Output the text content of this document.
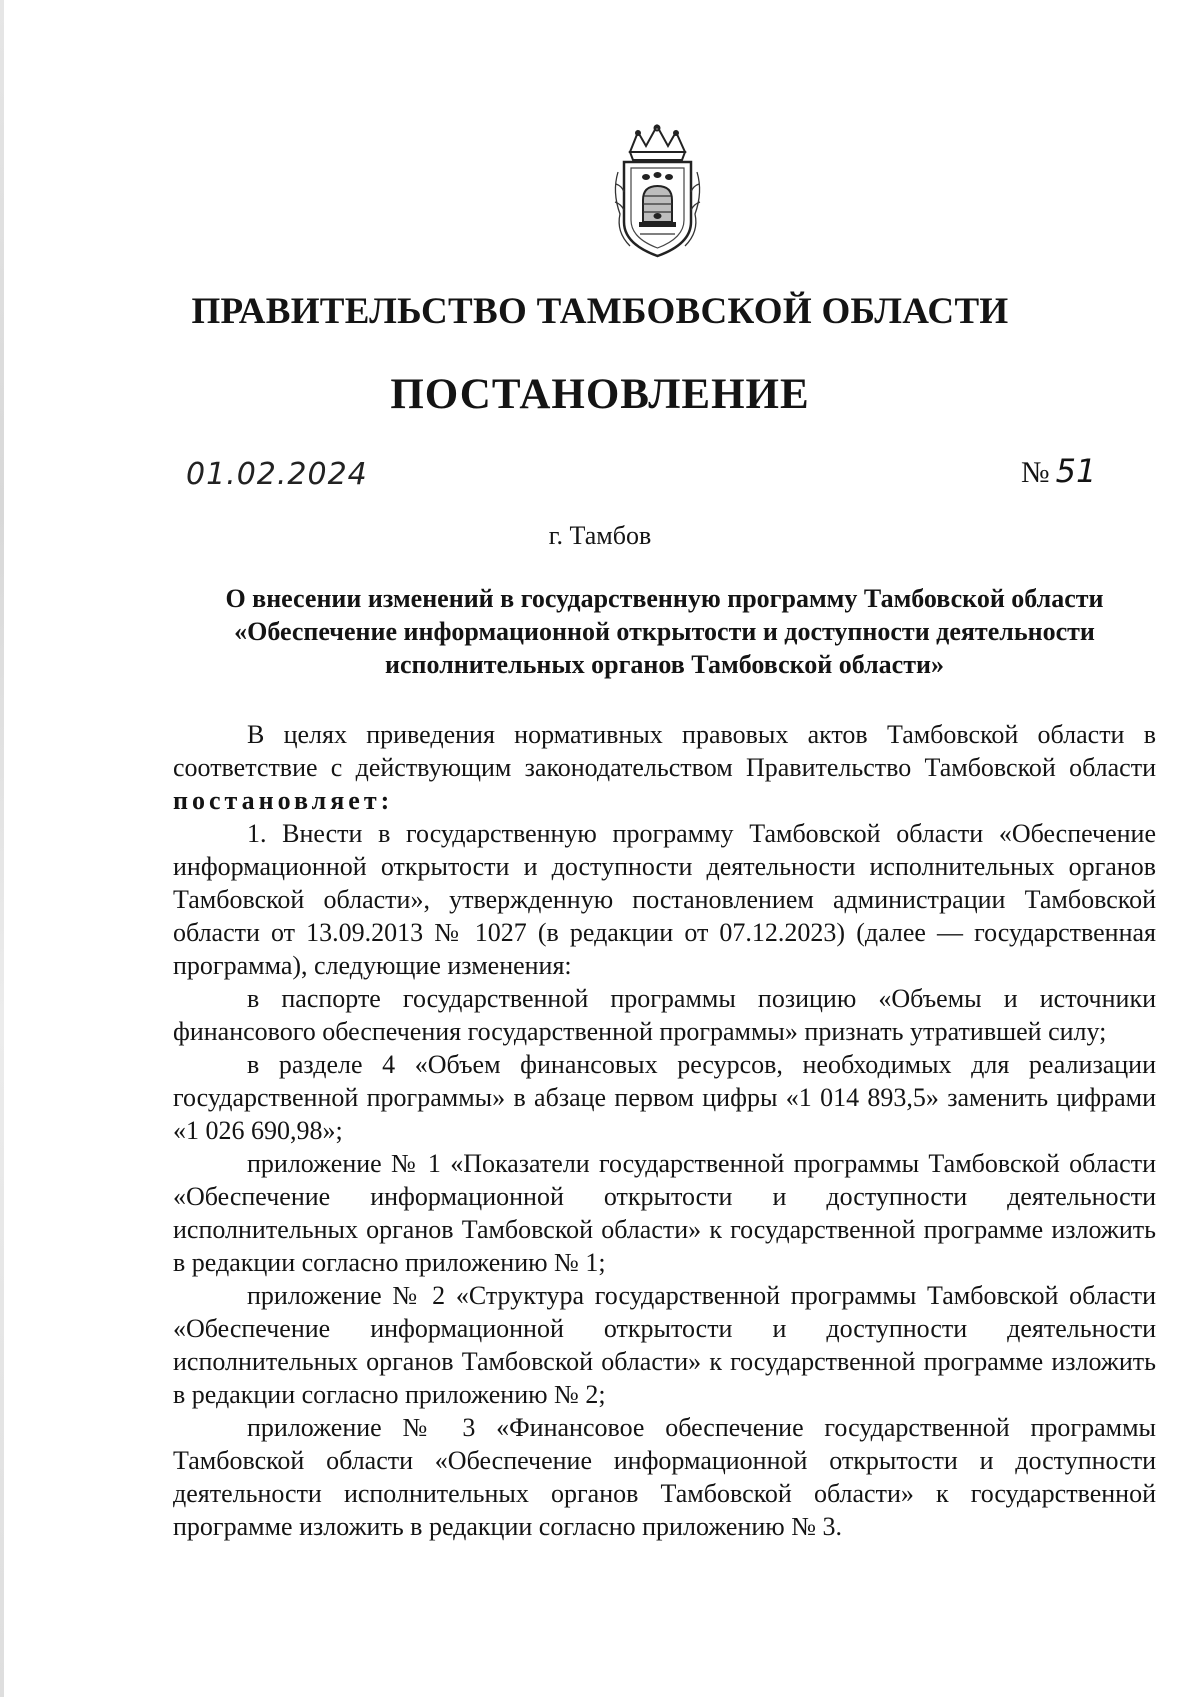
ПРАВИТЕЛЬСТВО ТАМБОВСКОЙ ОБЛАСТИ
ПОСТАНОВЛЕНИЕ
01.02.2024	№ 51
г. Тамбов
О внесении изменений в государственную программу Тамбовской области «Обеспечение информационной открытости и доступности деятельности исполнительных органов Тамбовской области»

В целях приведения нормативных правовых актов Тамбовской области в соответствие с действующим законодательством Правительство Тамбовской области постановляет:

1. Внести в государственную программу Тамбовской области «Обеспечение информационной открытости и доступности деятельности исполнительных органов Тамбовской области», утвержденную постановлением администрации Тамбовской области от 13.09.2013 № 1027 (в редакции от 07.12.2023) (далее — государственная программа), следующие изменения:

в паспорте государственной программы позицию «Объемы и источники финансового обеспечения государственной программы» признать утратившей силу;

в разделе 4 «Объем финансовых ресурсов, необходимых для реализации государственной программы» в абзаце первом цифры «1 014 893,5» заменить цифрами «1 026 690,98»;

приложение № 1 «Показатели государственной программы Тамбовской области «Обеспечение информационной открытости и доступности деятельности исполнительных органов Тамбовской области» к государственной программе изложить в редакции согласно приложению № 1;

приложение № 2 «Структура государственной программы Тамбовской области «Обеспечение информационной открытости и доступности деятельности исполнительных органов Тамбовской области» к государственной программе изложить в редакции согласно приложению № 2;

приложение № 3 «Финансовое обеспечение государственной программы Тамбовской области «Обеспечение информационной открытости и доступности деятельности исполнительных органов Тамбовской области» к государственной программе изложить в редакции согласно приложению № 3.
